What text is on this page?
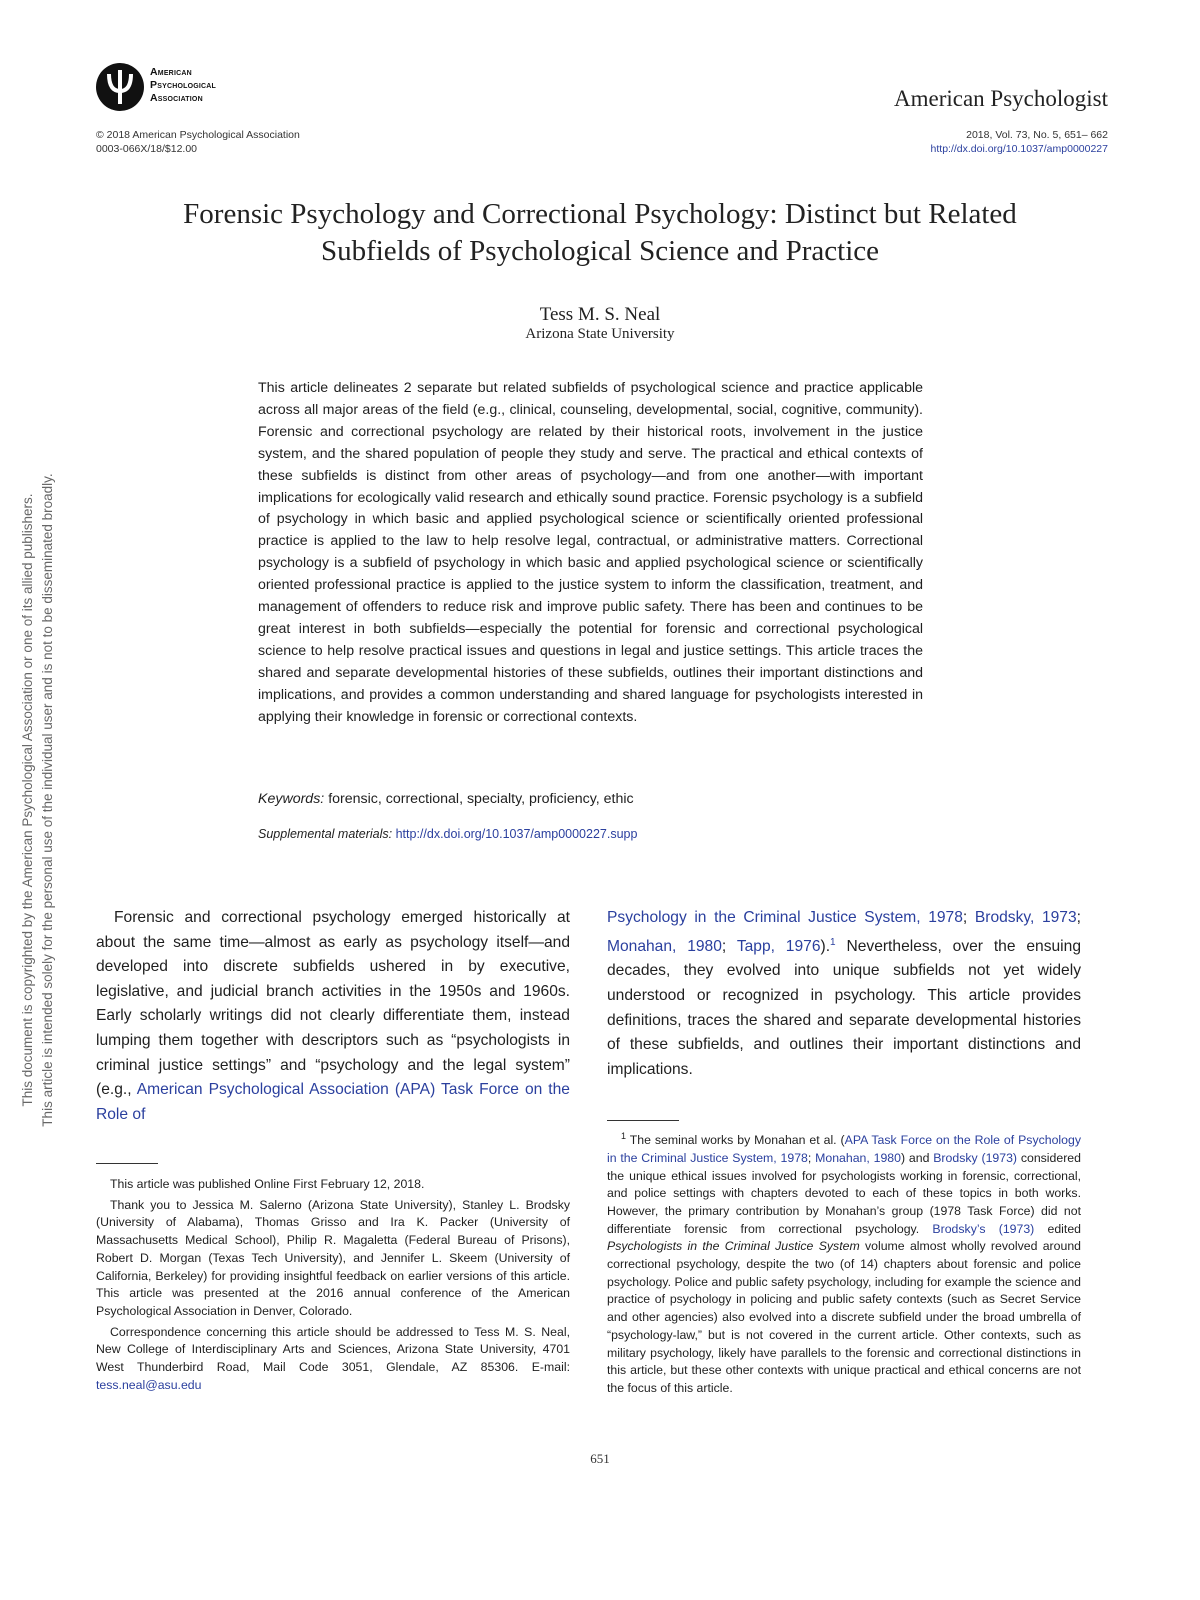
American
Psychological
Association	American Psychologist
© 2018 American Psychological Association
0003-066X/18/$12.00
2018, Vol. 73, No. 5, 651– 662
http://dx.doi.org/10.1037/amp0000227
Forensic Psychology and Correctional Psychology: Distinct but Related
Subfields of Psychological Science and Practice
Tess M. S. Neal
Arizona State University
This article delineates 2 separate but related subfields of psychological science and practice applicable across all major areas of the field (e.g., clinical, counseling, developmental, social, cognitive, community). Forensic and correctional psychology are related by their historical roots, involvement in the justice system, and the shared population of people they study and serve. The practical and ethical contexts of these subfields is distinct from other areas of psychology—and from one another—with important implications for ecologically valid research and ethically sound practice. Forensic psychology is a subfield of psychology in which basic and applied psychological science or scientifically oriented professional practice is applied to the law to help resolve legal, contractual, or administrative matters. Correctional psychology is a subfield of psychology in which basic and applied psychological science or scientifically oriented professional practice is applied to the justice system to inform the classification, treatment, and management of offenders to reduce risk and improve public safety. There has been and continues to be great interest in both subfields—especially the potential for forensic and correctional psychological science to help resolve practical issues and questions in legal and justice settings. This article traces the shared and separate developmental histories of these subfields, outlines their important distinctions and implications, and provides a common understanding and shared language for psychologists interested in applying their knowledge in forensic or correctional contexts.
Keywords: forensic, correctional, specialty, proficiency, ethic
Supplemental materials: http://dx.doi.org/10.1037/amp0000227.supp
Forensic and correctional psychology emerged historically at about the same time—almost as early as psychology itself—and developed into discrete subfields ushered in by executive, legislative, and judicial branch activities in the 1950s and 1960s. Early scholarly writings did not clearly differentiate them, instead lumping them together with descriptors such as “psychologists in criminal justice settings” and “psychology and the legal system” (e.g., American Psychological Association (APA) Task Force on the Role of
Psychology in the Criminal Justice System, 1978; Brodsky, 1973; Monahan, 1980; Tapp, 1976).$^1$ Nevertheless, over the ensuing decades, they evolved into unique subfields not yet widely understood or recognized in psychology. This article provides definitions, traces the shared and separate developmental histories of these subfields, and outlines their important distinctions and implications.

This article was published Online First February 12, 2018.

Thank you to Jessica M. Salerno (Arizona State University), Stanley L. Brodsky (University of Alabama), Thomas Grisso and Ira K. Packer (University of Massachusetts Medical School), Philip R. Magaletta (Federal Bureau of Prisons), Robert D. Morgan (Texas Tech University), and Jennifer L. Skeem (University of California, Berkeley) for providing insightful feedback on earlier versions of this article. This article was presented at the 2016 annual conference of the American Psychological Association in Denver, Colorado.

Correspondence concerning this article should be addressed to Tess M. S. Neal, New College of Interdisciplinary Arts and Sciences, Arizona State University, 4701 West Thunderbird Road, Mail Code 3051, Glendale, AZ 85306. E-mail: tess.neal@asu.edu

$^1$ The seminal works by Monahan et al. (APA Task Force on the Role of Psychology in the Criminal Justice System, 1978; Monahan, 1980) and Brodsky (1973) considered the unique ethical issues involved for psychologists working in forensic, correctional, and police settings with chapters devoted to each of these topics in both works. However, the primary contribution by Monahan’s group (1978 Task Force) did not differentiate forensic from correctional psychology. Brodsky’s (1973) edited Psychologists in the Criminal Justice System volume almost wholly revolved around correctional psychology, despite the two (of 14) chapters about forensic and police psychology. Police and public safety psychology, including for example the science and practice of psychology in policing and public safety contexts (such as Secret Service and other agencies) also evolved into a discrete subfield under the broad umbrella of “psychology-law,” but is not covered in the current article. Other contexts, such as military psychology, likely have parallels to the forensic and correctional distinctions in this article, but these other contexts with unique practical and ethical concerns are not the focus of this article.
651
This document is copyrighted by the American Psychological Association or one of its allied publishers. This article is intended solely for the personal use of the individual user and is not to be disseminated broadly.
